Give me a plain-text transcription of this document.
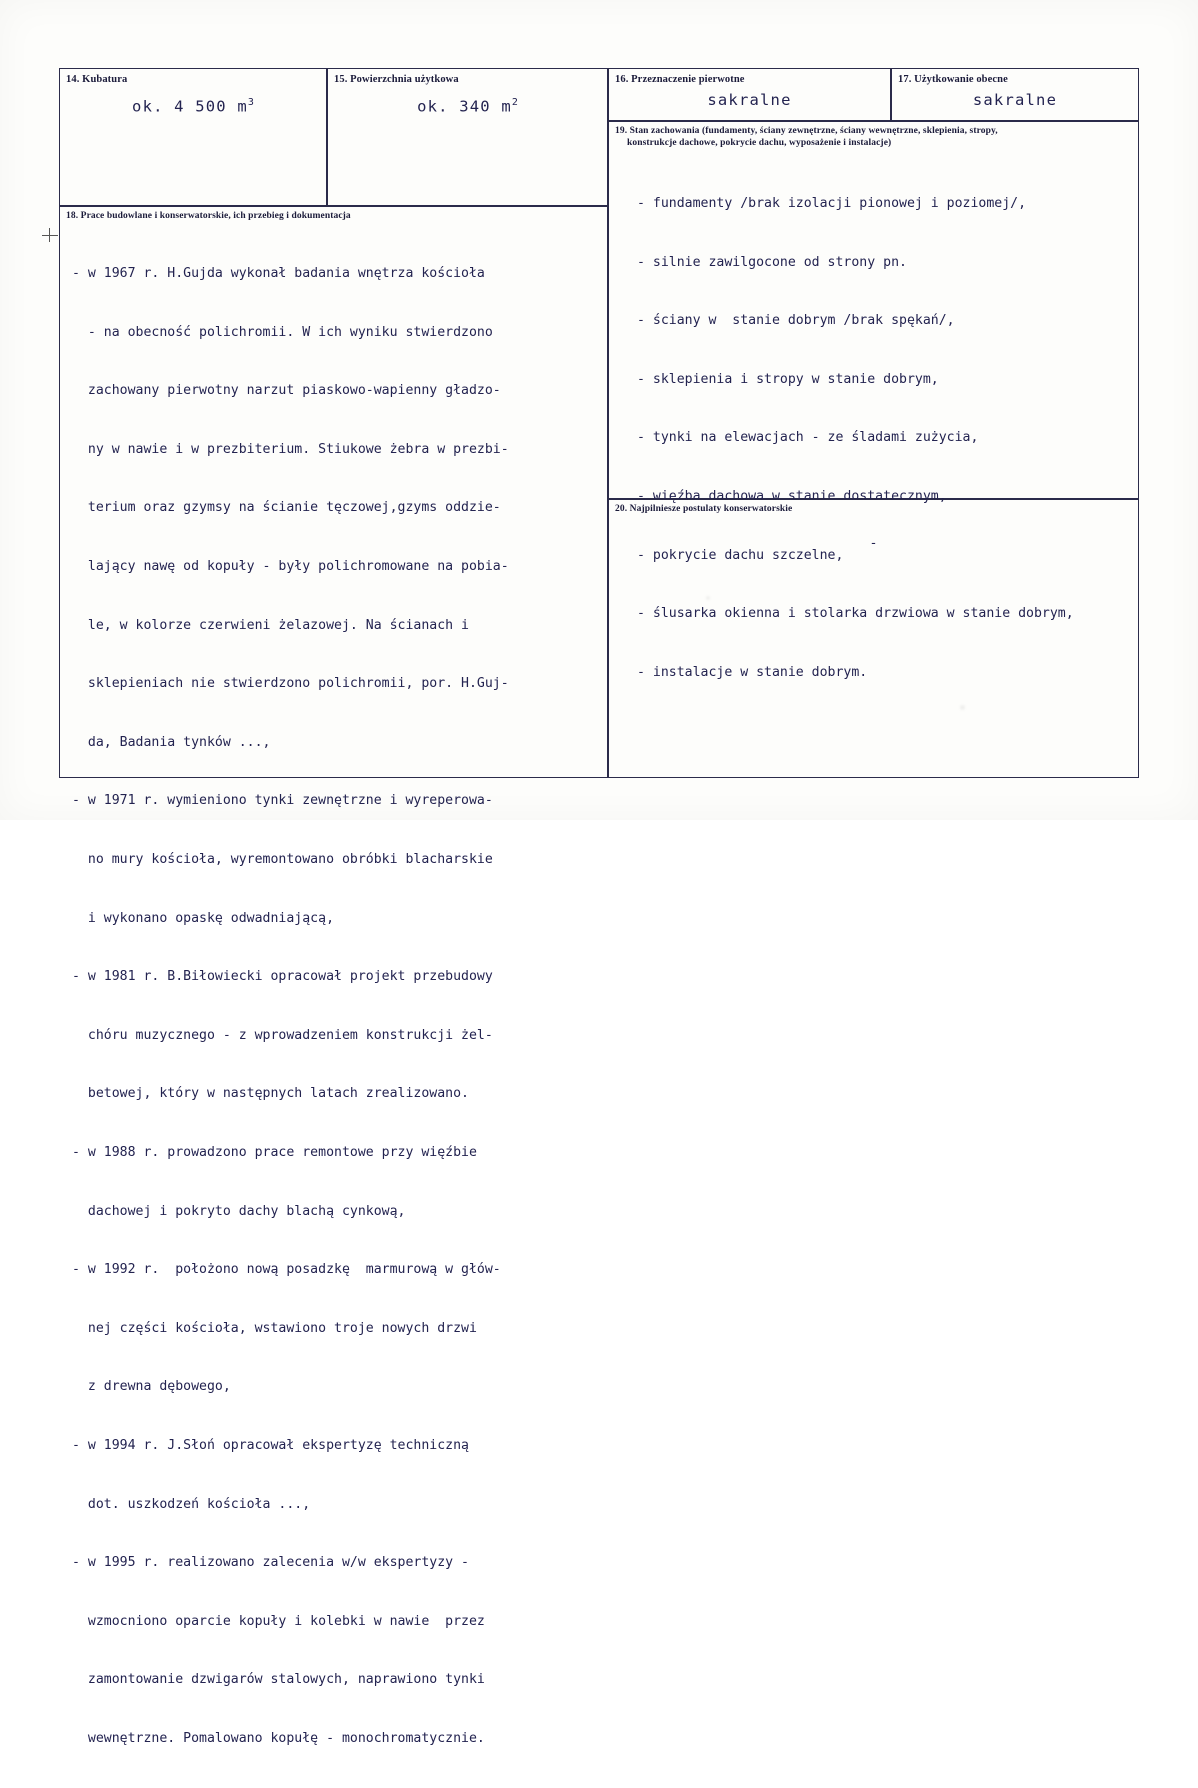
14. Kubatura
ok. 4 500 $m^3$
15. Powierzchnia użytkowa
ok. 340 $m^2$
16. Przeznaczenie pierwotne
sakralne
17. Użytkowanie obecne
sakralne
19. Stan zachowania (fundamenty, ściany zewnętrzne, ściany wewnętrzne, sklepienia, stropy,
konstrukcje dachowe, pokrycie dachu, wyposażenie i instalacje)

- fundamenty /brak izolacji pionowej i poziomej/,

- silnie zawilgocone od strony pn.

- ściany w  stanie dobrym /brak spękań/,

- sklepienia i stropy w stanie dobrym,

- tynki na elewacjach - ze śladami zużycia,

- więźba dachowa w stanie dostatecznym,

- pokrycie dachu szczelne,

- ślusarka okienna i stolarka drzwiowa w stanie dobrym,

- instalacje w stanie dobrym.

18. Prace budowlane i konserwatorskie, ich przebieg i dokumentacja

- w 1967 r. H.Gujda wykonał badania wnętrza kościoła

- na obecność polichromii. W ich wyniku stwierdzono

zachowany pierwotny narzut piaskowo-wapienny gładzo-

ny w nawie i w prezbiterium. Stiukowe żebra w prezbi-

terium oraz gzymsy na ścianie tęczowej,gzyms oddzie-

lający nawę od kopuły - były polichromowane na pobia-

le, w kolorze czerwieni żelazowej. Na ścianach i

sklepieniach nie stwierdzono polichromii, por. H.Guj-

da, Badania tynków ...,

- w 1971 r. wymieniono tynki zewnętrzne i wyreperowa-

no mury kościoła, wyremontowano obróbki blacharskie

i wykonano opaskę odwadniającą,

- w 1981 r. B.Biłowiecki opracował projekt przebudowy

chóru muzycznego - z wprowadzeniem konstrukcji żel-

betowej, który w następnych latach zrealizowano.

- w 1988 r. prowadzono prace remontowe przy więźbie

dachowej i pokryto dachy blachą cynkową,

- w 1992 r.  położono nową posadzkę  marmurową w głów-

nej części kościoła, wstawiono troje nowych drzwi

z drewna dębowego,

- w 1994 r. J.Słoń opracował ekspertyzę techniczną

dot. uszkodzeń kościoła ...,

- w 1995 r. realizowano zalecenia w/w ekspertyzy -

wzmocniono oparcie kopuły i kolebki w nawie  przez

zamontowanie dzwigarów stalowych, naprawiono tynki

wewnętrzne. Pomalowano kopułę - monochromatycznie.

20. Najpilniesze postulaty konserwatorskie
-
